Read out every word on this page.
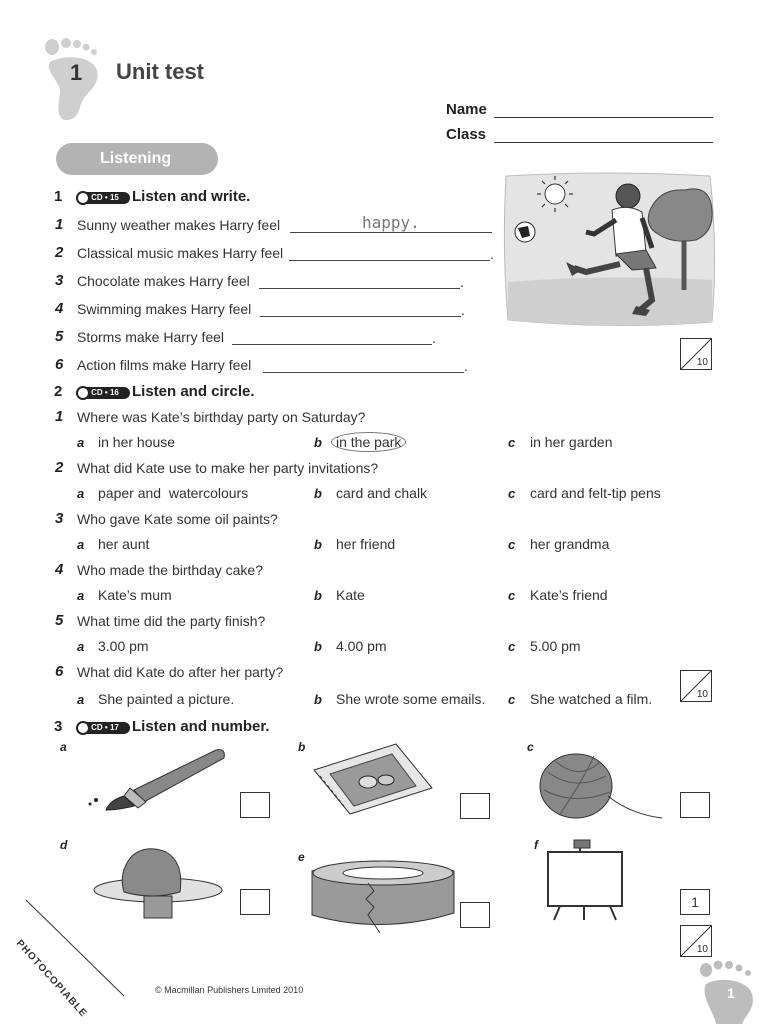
1 Unit test
Name
Class
Listening
1	CD • 15 Listen and write.
1 Sunny weather makes Harry feel	happy.
2 Classical music makes Harry feel	.
3 Chocolate makes Harry feel	.
4 Swimming makes Harry feel	.
5 Storms make Harry feel	.
6 Action films make Harry feel	.	10
2	CD • 16 Listen and circle.
1 Where was Kate’s birthday party on Saturday?
a in her house	b	in the park	c in her garden
2 What did Kate use to make her party invitations?
a paper and  watercolours	b card and chalk	c card and felt-tip pens
3 Who gave Kate some oil paints?
a her aunt	b her friend	c her grandma
4 Who made the birthday cake?
a Kate’s mum	b Kate	c Kate’s friend
5 What time did the party finish?
a 3.00 pm	b 4.00 pm	c 5.00 pm
6 What did Kate do after her party?
a She painted a picture.	b She wrote some emails. c She watched a film.	10
3	CD • 17 Listen and number.
a	b	c
d
e
f
1
10
PHOTOCOPIABLE	© Macmillan Publishers Limited 2010	1
